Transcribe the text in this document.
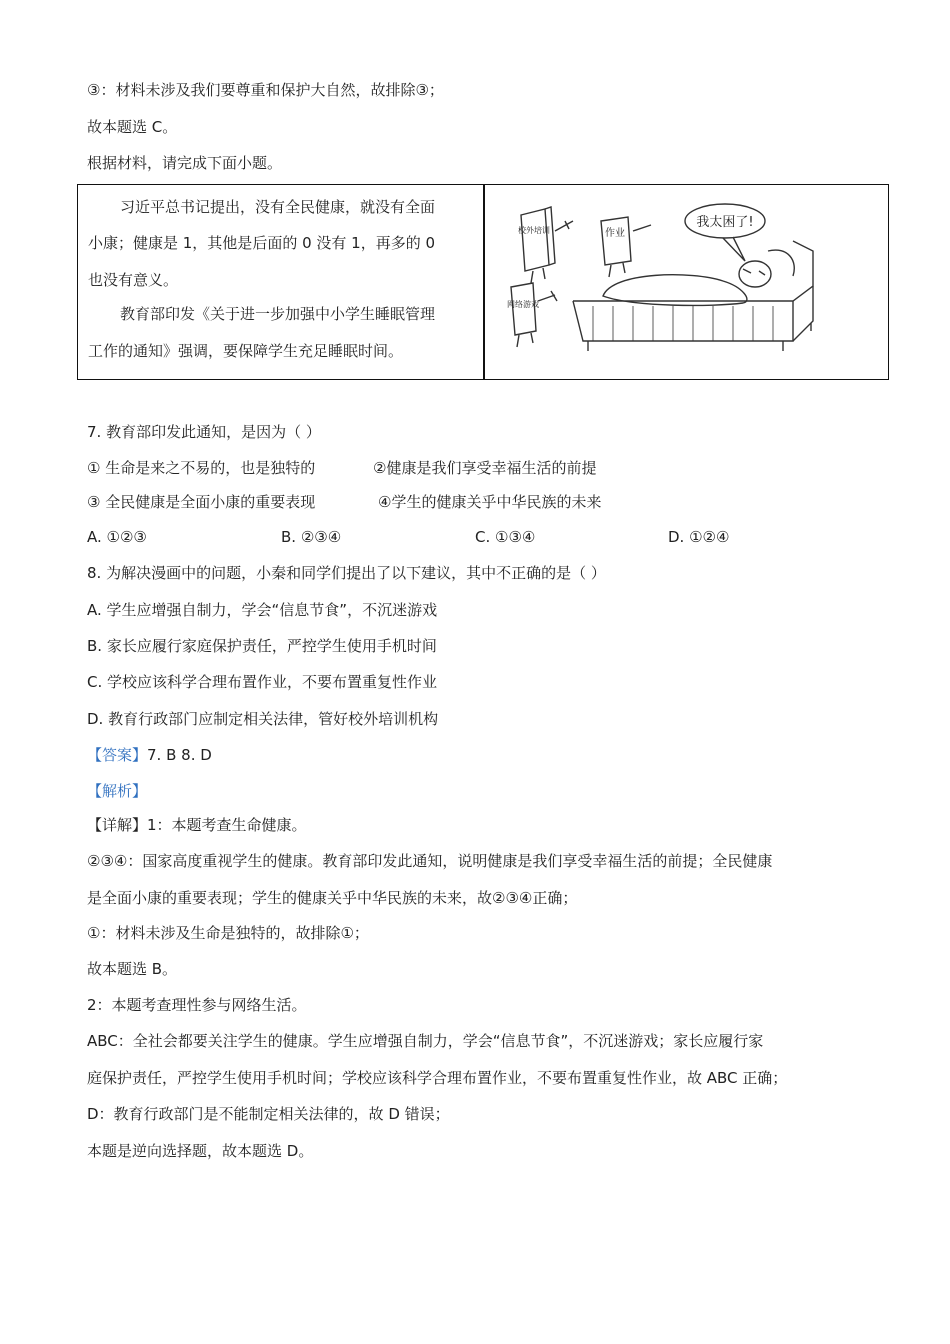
③：材料未涉及我们要尊重和保护大自然，故排除③；
故本题选 C。
根据材料，请完成下面小题。
习近平总书记提出，没有全民健康，就没有全面
小康；健康是 1，其他是后面的 0 没有 1，再多的 0
也没有意义。
教育部印发《关于进一步加强中小学生睡眠管理
工作的通知》强调，要保障学生充足睡眠时间。
我太困了!
校外培训	作业
网络游戏
7. 教育部印发此通知，是因为（ ）
① 生命是来之不易的，也是独特的	②健康是我们享受幸福生活的前提
③ 全民健康是全面小康的重要表现	④学生的健康关乎中华民族的未来
A. ①②③	B. ②③④	C. ①③④	D. ①②④
8. 为解决漫画中的问题，小秦和同学们提出了以下建议，其中不正确的是（ ）
A. 学生应增强自制力，学会“信息节食”，不沉迷游戏
B. 家长应履行家庭保护责任，严控学生使用手机时间
C. 学校应该科学合理布置作业，不要布置重复性作业
D. 教育行政部门应制定相关法律，管好校外培训机构
【答案】7. B 8. D
【解析】
【详解】1：本题考查生命健康。
②③④：国家高度重视学生的健康。教育部印发此通知，说明健康是我们享受幸福生活的前提；全民健康
是全面小康的重要表现；学生的健康关乎中华民族的未来，故②③④正确；
①：材料未涉及生命是独特的，故排除①；
故本题选 B。
2：本题考查理性参与网络生活。
ABC：全社会都要关注学生的健康。学生应增强自制力，学会“信息节食”，不沉迷游戏；家长应履行家
庭保护责任，严控学生使用手机时间；学校应该科学合理布置作业，不要布置重复性作业，故 ABC 正确；
D：教育行政部门是不能制定相关法律的，故 D 错误；
本题是逆向选择题，故本题选 D。
